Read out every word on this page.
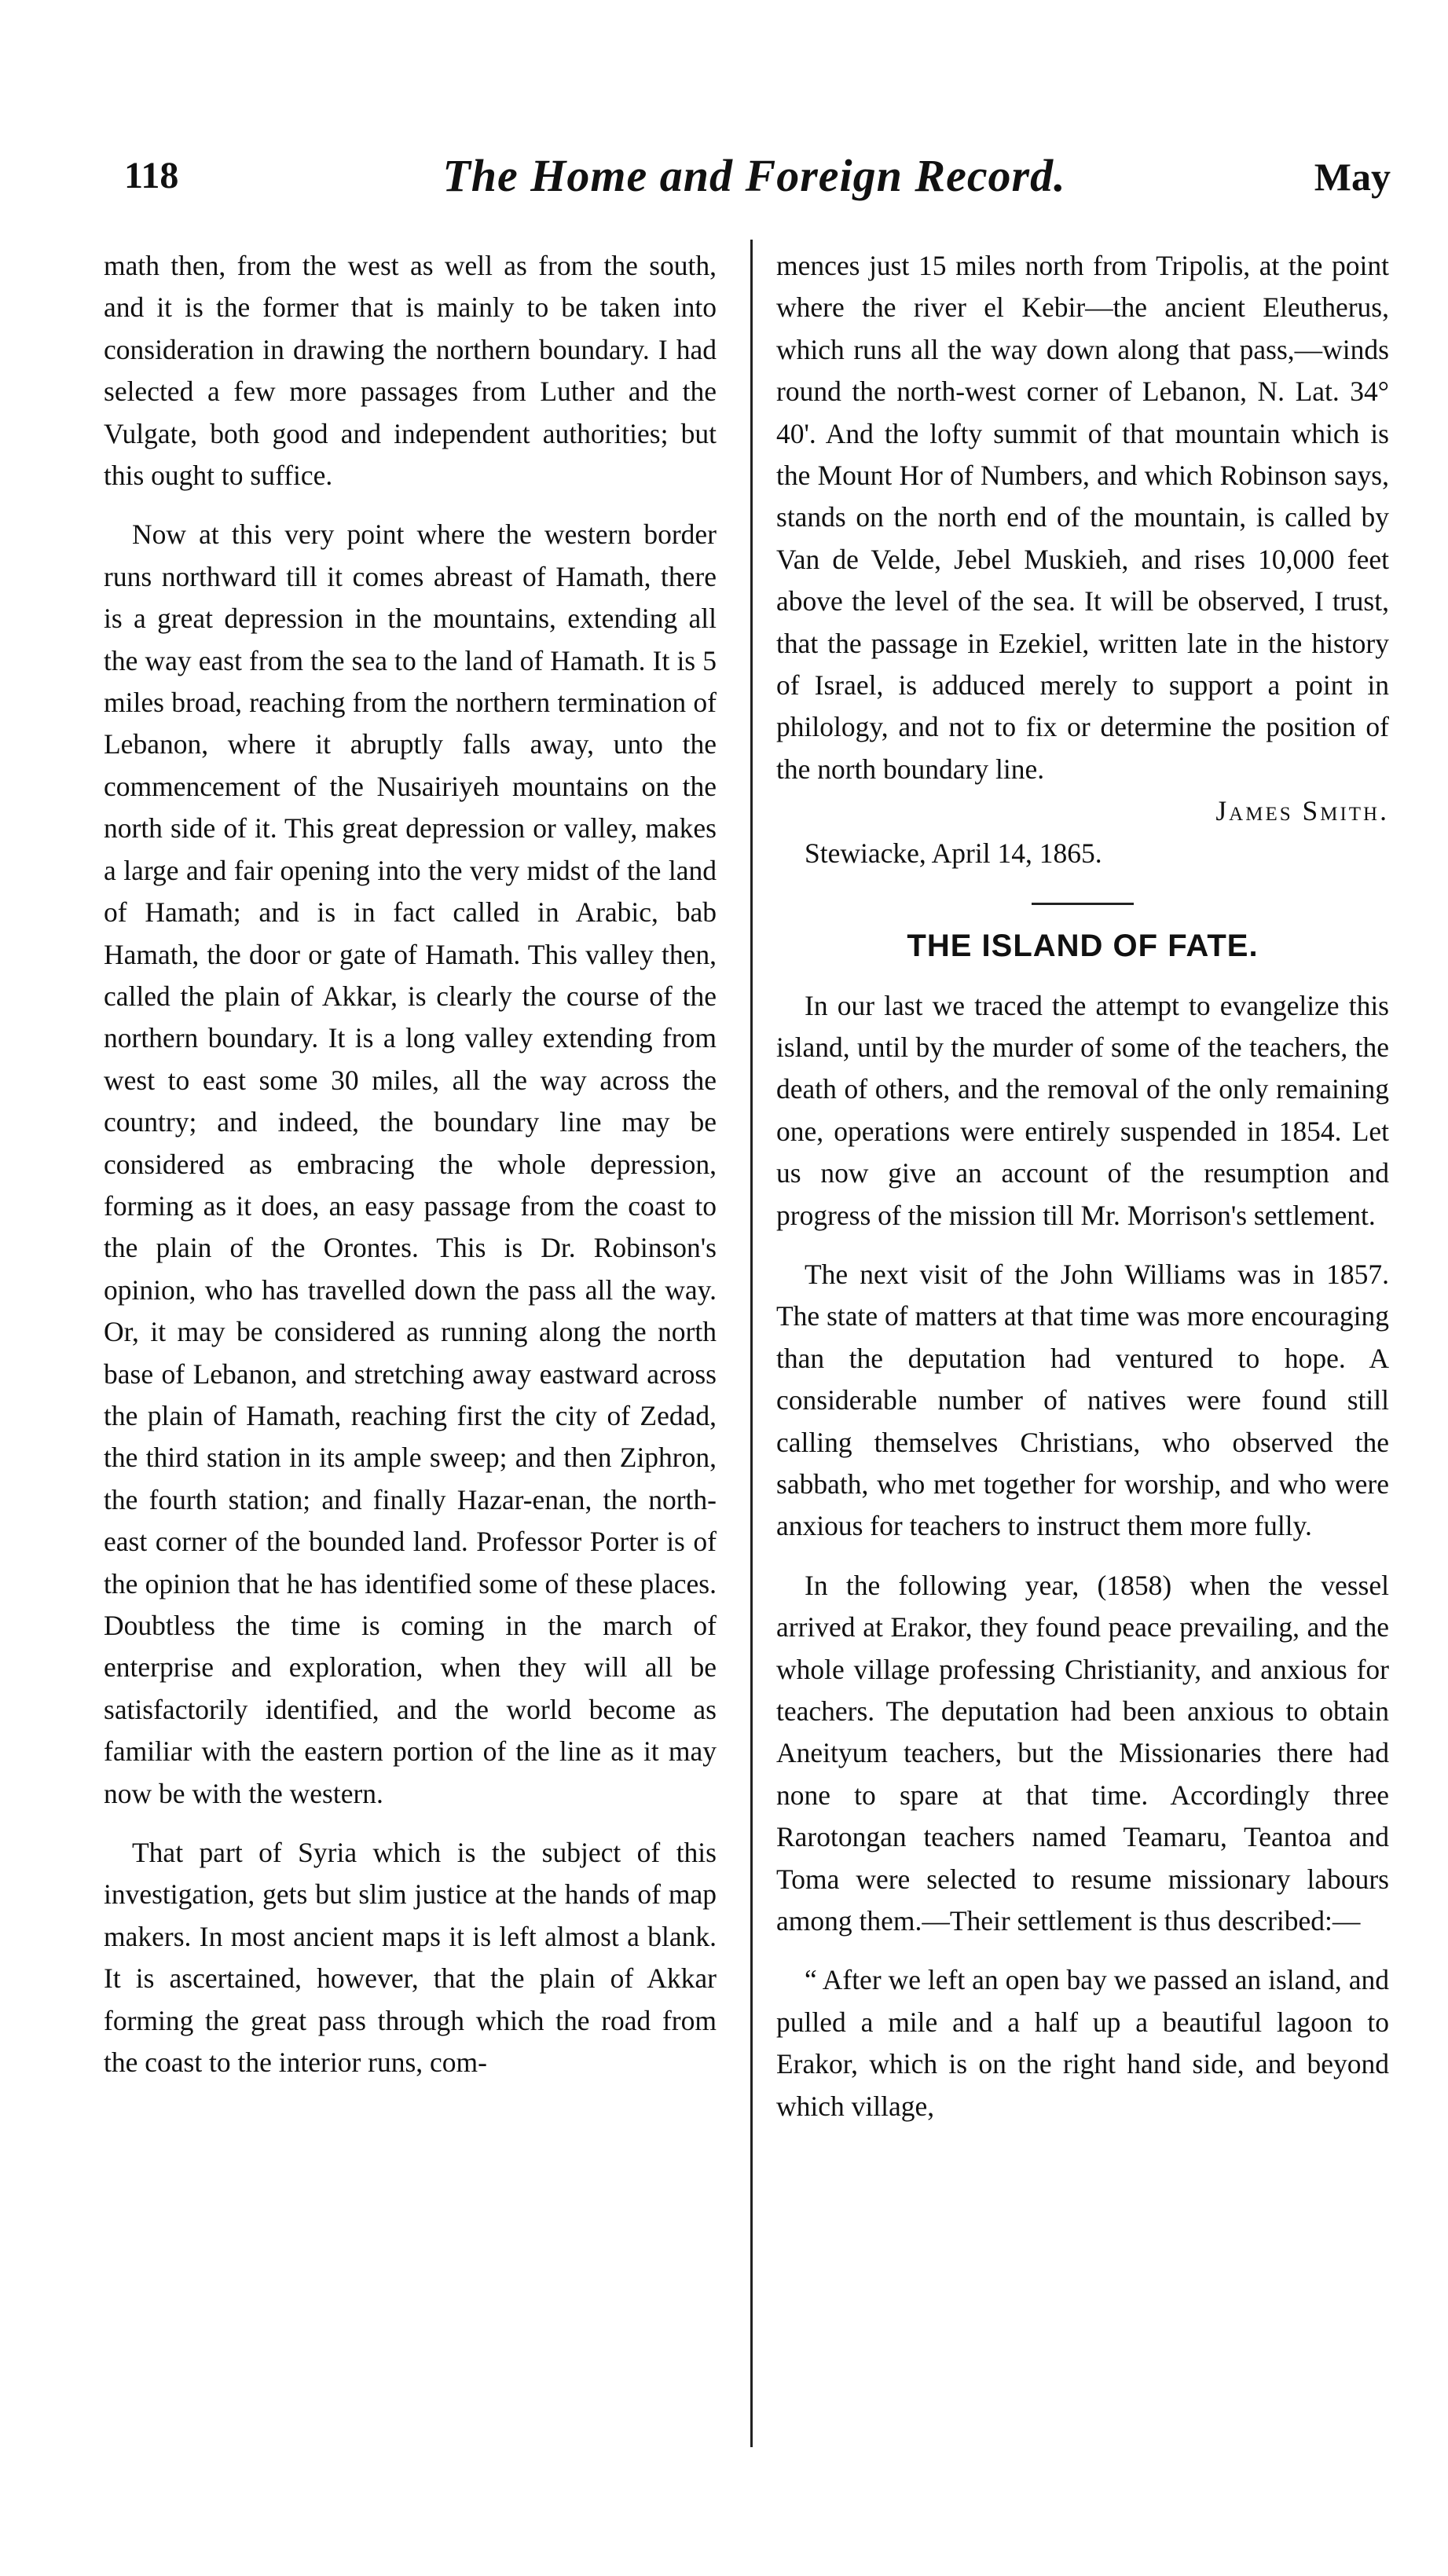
118	The Home and Foreign Record.	May

math then, from the west as well as from the south, and it is the former that is mainly to be taken into consideration in drawing the northern boundary. I had selected a few more passages from Luther and the Vulgate, both good and independent authorities; but this ought to suffice.

Now at this very point where the western border runs northward till it comes abreast of Hamath, there is a great depression in the mountains, extending all the way east from the sea to the land of Hamath. It is 5 miles broad, reaching from the northern termination of Lebanon, where it abruptly falls away, unto the commencement of the Nusairiyeh mountains on the north side of it. This great depression or valley, makes a large and fair opening into the very midst of the land of Hamath; and is in fact called in Arabic, bab Hamath, the door or gate of Hamath. This valley then, called the plain of Akkar, is clearly the course of the northern boundary. It is a long valley extending from west to east some 30 miles, all the way across the country; and indeed, the boundary line may be considered as embracing the whole depression, forming as it does, an easy passage from the coast to the plain of the Orontes. This is Dr. Robinson's opinion, who has travelled down the pass all the way. Or, it may be considered as running along the north base of Lebanon, and stretching away eastward across the plain of Hamath, reaching first the city of Zedad, the third station in its ample sweep; and then Ziphron, the fourth station; and finally Hazar-enan, the north-east corner of the bounded land. Professor Porter is of the opinion that he has identified some of these places. Doubtless the time is coming in the march of enterprise and exploration, when they will all be satisfactorily identified, and the world become as familiar with the eastern portion of the line as it may now be with the western.

That part of Syria which is the subject of this investigation, gets but slim justice at the hands of map makers. In most ancient maps it is left almost a blank. It is ascertained, however, that the plain of Akkar forming the great pass through which the road from the coast to the interior runs, com-

mences just 15 miles north from Tripolis, at the point where the river el Kebir—the ancient Eleutherus, which runs all the way down along that pass,—winds round the north-west corner of Lebanon, N. Lat. 34° 40'. And the lofty summit of that mountain which is the Mount Hor of Numbers, and which Robinson says, stands on the north end of the mountain, is called by Van de Velde, Jebel Muskieh, and rises 10,000 feet above the level of the sea. It will be observed, I trust, that the passage in Ezekiel, written late in the history of Israel, is adduced merely to support a point in philology, and not to fix or determine the position of the north boundary line.

James Smith.

Stewiacke, April 14, 1865.

THE ISLAND OF FATE.

In our last we traced the attempt to evangelize this island, until by the murder of some of the teachers, the death of others, and the removal of the only remaining one, operations were entirely suspended in 1854. Let us now give an account of the resumption and progress of the mission till Mr. Morrison's settlement.

The next visit of the John Williams was in 1857. The state of matters at that time was more encouraging than the deputation had ventured to hope. A considerable number of natives were found still calling themselves Christians, who observed the sabbath, who met together for worship, and who were anxious for teachers to instruct them more fully.

In the following year, (1858) when the vessel arrived at Erakor, they found peace prevailing, and the whole village professing Christianity, and anxious for teachers. The deputation had been anxious to obtain Aneityum teachers, but the Missionaries there had none to spare at that time. Accordingly three Rarotongan teachers named Teamaru, Teantoa and Toma were selected to resume missionary labours among them.—Their settlement is thus described:—

“ After we left an open bay we passed an island, and pulled a mile and a half up a beautiful lagoon to Erakor, which is on the right hand side, and beyond which village,
